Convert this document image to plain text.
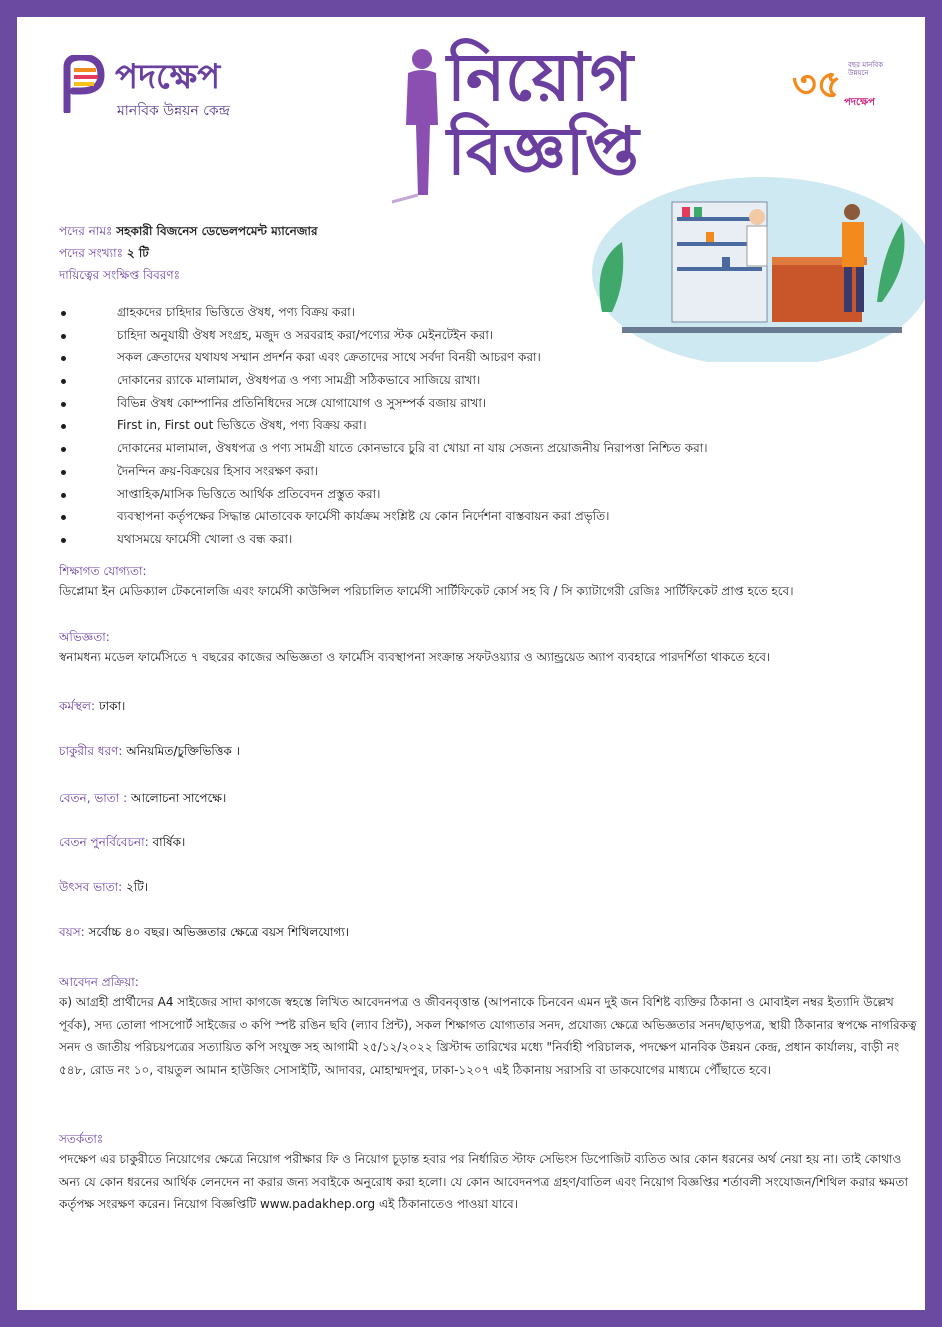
পদক্ষেপ
মানবিক উন্নয়ন কেন্দ্র	নিয়োগ
বিজ্ঞপ্তি
৩৫ বছর মানবিক উন্নয়নে
পদক্ষেপ
পদের নামঃ সহকারী বিজনেস ডেভেলপমেন্ট ম্যানেজার
পদের সংখ্যাঃ ২ টি
দায়িত্বের সংক্ষিপ্ত বিবরণঃ
গ্রাহকদের চাহিদার ভিত্তিতে ঔষধ, পণ্য বিক্রয় করা।
চাহিদা অনুযায়ী ঔষধ সংগ্রহ, মজুদ ও সরবরাহ করা/পণ্যের স্টক মেইনটেইন করা।
সকল ক্রেতাদের যথাযথ সম্মান প্রদর্শন করা এবং ক্রেতাদের সাথে সর্বদা বিনয়ী আচরণ করা।
দোকানের র‍্যাকে মালামাল, ঔষধপত্র ও পণ্য সামগ্রী সঠিকভাবে সাজিয়ে রাখা।
বিভিন্ন ঔষধ কোম্পানির প্রতিনিধিদের সঙ্গে যোগাযোগ ও সুসম্পর্ক বজায় রাখা।
First in, First out ভিত্তিতে ঔষধ, পণ্য বিক্রয় করা।
দোকানের মালামাল, ঔষধপত্র ও পণ্য সামগ্রী যাতে কোনভাবে চুরি বা খোয়া না যায় সেজন্য প্রয়োজনীয় নিরাপত্তা নিশ্চিত করা।
দৈনন্দিন ক্রয়-বিক্রয়ের হিসাব সংরক্ষণ করা।
সাপ্তাহিক/মাসিক ভিত্তিতে আর্থিক প্রতিবেদন প্রস্তুত করা।
ব্যবস্থাপনা কর্তৃপক্ষের সিদ্ধান্ত মোতাবেক ফার্মেসী কার্যক্রম সংশ্লিষ্ট যে কোন নির্দেশনা বাস্তবায়ন করা প্রভৃতি।
যথাসময়ে ফার্মেসী খোলা ও বন্ধ করা।
শিক্ষাগত যোগ্যতা:
ডিপ্লোমা ইন মেডিক্যাল টেকনোলজি এবং ফার্মেসী কাউন্সিল পরিচালিত ফার্মেসী সার্টিফিকেট কোর্স সহ বি / সি ক্যাটাগেরী রেজিঃ সার্টিফিকেট প্রাপ্ত হতে হবে।
অভিজ্ঞতা:
স্বনামধন্য মডেল ফার্মেসিতে ৭ বছরের কাজের অভিজ্ঞতা ও ফার্মেসি ব্যবস্থাপনা সংক্রান্ত সফটওয়্যার ও অ্যান্ড্রয়েড অ্যাপ ব্যবহারে পারদর্শিতা থাকতে হবে।
কর্মস্থল: ঢাকা।
চাকুরীর ধরণ: অনিয়মিত/চুক্তিভিত্তিক ।
বেতন, ভাতা : আলোচনা সাপেক্ষে।
বেতন পুনর্বিবেচনা: বার্ষিক।
উৎসব ভাতা: ২টি।
বয়স: সর্বোচ্চ ৪০ বছর। অভিজ্ঞতার ক্ষেত্রে বয়স শিথিলযোগ্য।
আবেদন প্রক্রিয়া:
ক) আগ্রহী প্রার্থীদের A4 সাইজের সাদা কাগজে স্বহস্তে লিখিত আবেদনপত্র ও জীবনবৃত্তান্ত (আপনাকে চিনবেন এমন দুই জন বিশিষ্ট ব্যক্তির ঠিকানা ও মোবাইল নম্বর ইত্যাদি উল্লেখ পূর্বক), সদ্য তোলা পাসপোর্ট সাইজের ৩ কপি স্পষ্ট রঙিন ছবি (ল্যাব প্রিন্ট), সকল শিক্ষাগত যোগ্যতার সনদ, প্রযোজ্য ক্ষেত্রে অভিজ্ঞতার সনদ/ছাড়পত্র, স্থায়ী ঠিকানার স্বপক্ষে নাগরিকত্ব সনদ ও জাতীয় পরিচয়পত্রের সত্যায়িত কপি সংযুক্ত সহ আগামী ২৫/১২/২০২২ খ্রিস্টাব্দ তারিখের মধ্যে "নির্বাহী পরিচালক, পদক্ষেপ মানবিক উন্নয়ন কেন্দ্র, প্রধান কার্যালয়, বাড়ী নং ৫৪৮, রোড নং ১০, বায়তুল আমান হাউজিং সোসাইটি, আদাবর, মোহাম্মদপুর, ঢাকা-১২০৭ এই ঠিকানায় সরাসরি বা ডাকযোগের মাধ্যমে পৌঁছাতে হবে।
সতর্কতাঃ
পদক্ষেপ এর চাকুরীতে নিয়োগের ক্ষেত্রে নিয়োগ পরীক্ষার ফি ও নিয়োগ চূড়ান্ত হবার পর নির্ধারিত স্টাফ সেভিংস ডিপোজিট ব্যতিত আর কোন ধরনের অর্থ নেয়া হয় না। তাই কোথাও অন্য যে কোন ধরনের আর্থিক লেনদেন না করার জন্য সবাইকে অনুরোধ করা হলো। যে কোন আবেদনপত্র গ্রহণ/বাতিল এবং নিয়োগ বিজ্ঞপ্তির শর্তাবলী সংযোজন/শিথিল করার ক্ষমতা কর্তৃপক্ষ সংরক্ষণ করেন। নিয়োগ বিজ্ঞপ্তিটি www.padakhep.org এই ঠিকানাতেও পাওয়া যাবে।
